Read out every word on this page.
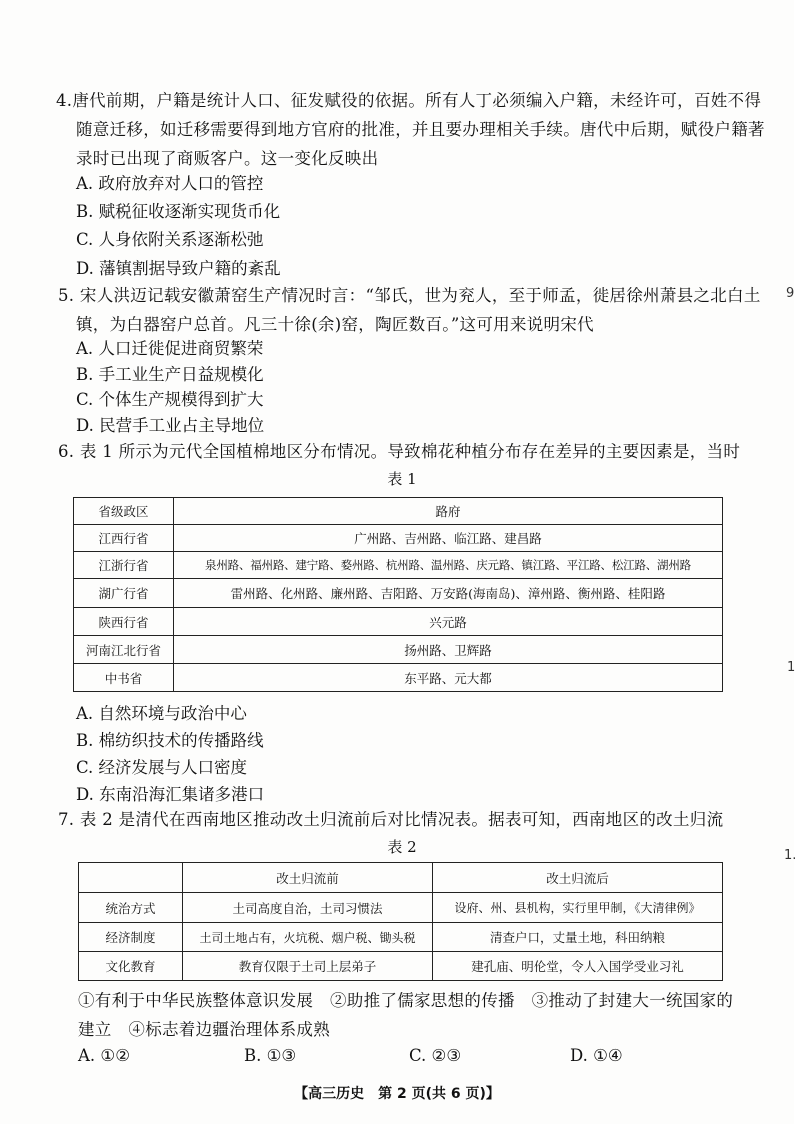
4.唐代前期，户籍是统计人口、征发赋役的依据。所有人丁必须编入户籍，未经许可，百姓不得
随意迁移，如迁移需要得到地方官府的批准，并且要办理相关手续。唐代中后期，赋役户籍著
录时已出现了商贩客户。这一变化反映出
A. 政府放弃对人口的管控
B. 赋税征收逐渐实现货币化
C. 人身依附关系逐渐松弛
D. 藩镇割据导致户籍的紊乱
5. 宋人洪迈记载安徽萧窑生产情况时言：“邹氏，世为兖人，至于师孟，徙居徐州萧县之北白土
镇，为白器窑户总首。凡三十徐(余)窑，陶匠数百。”这可用来说明宋代
A. 人口迁徙促进商贸繁荣
B. 手工业生产日益规模化
C. 个体生产规模得到扩大
D. 民营手工业占主导地位
6. 表 1 所示为元代全国植棉地区分布情况。导致棉花种植分布存在差异的主要因素是，当时
表 1
省级政区	路府
江西行省	广州路、吉州路、临江路、建昌路
江浙行省	泉州路、福州路、建宁路、婺州路、杭州路、温州路、庆元路、镇江路、平江路、松江路、湖州路
湖广行省	雷州路、化州路、廉州路、吉阳路、万安路(海南岛)、漳州路、衡州路、桂阳路
陕西行省	兴元路
河南江北行省	扬州路、卫辉路
中书省	东平路、元大都
A. 自然环境与政治中心
B. 棉纺织技术的传播路线
C. 经济发展与人口密度
D. 东南沿海汇集诸多港口
7. 表 2 是清代在西南地区推动改土归流前后对比情况表。据表可知，西南地区的改土归流
表 2
	改土归流前	改土归流后
统治方式	土司高度自治，土司习惯法	设府、州、县机构，实行里甲制，《大清律例》
经济制度	土司土地占有，火坑税、烟户税、锄头税	清查户口，丈量土地，科田纳粮
文化教育	教育仅限于土司上层弟子	建孔庙、明伦堂，令人入国学受业习礼
①有利于中华民族整体意识发展　②助推了儒家思想的传播　③推动了封建大一统国家的
建立　④标志着边疆治理体系成熟
A. ①②	B. ①③	C. ②③	D. ①④
9
1
1.
【高三历史　第 2 页(共 6 页)】
